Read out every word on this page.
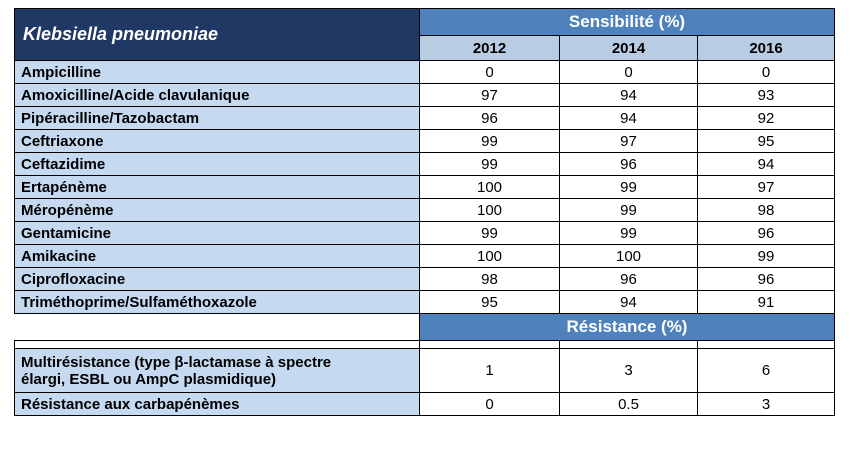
Klebsiella pneumoniae	Sensibilité (%)		
	2012	2014	2016
Ampicilline	0	0	0
Amoxicilline/Acide clavulanique	97	94	93
Pipéracilline/Tazobactam	96	94	92
Ceftriaxone	99	97	95
Ceftazidime	99	96	94
Ertapénème	100	99	97
Méropénème	100	99	98
Gentamicine	99	99	96
Amikacine	100	100	99
Ciprofloxacine	98	96	96
Triméthoprime/Sulfaméthoxazole	95	94	91
	Résistance (%)		

Multirésistance (type β-lactamase à spectre
élargi, ESBL ou AmpC plasmidique)	1	3	6
Résistance aux carbapénèmes	0	0.5	3
